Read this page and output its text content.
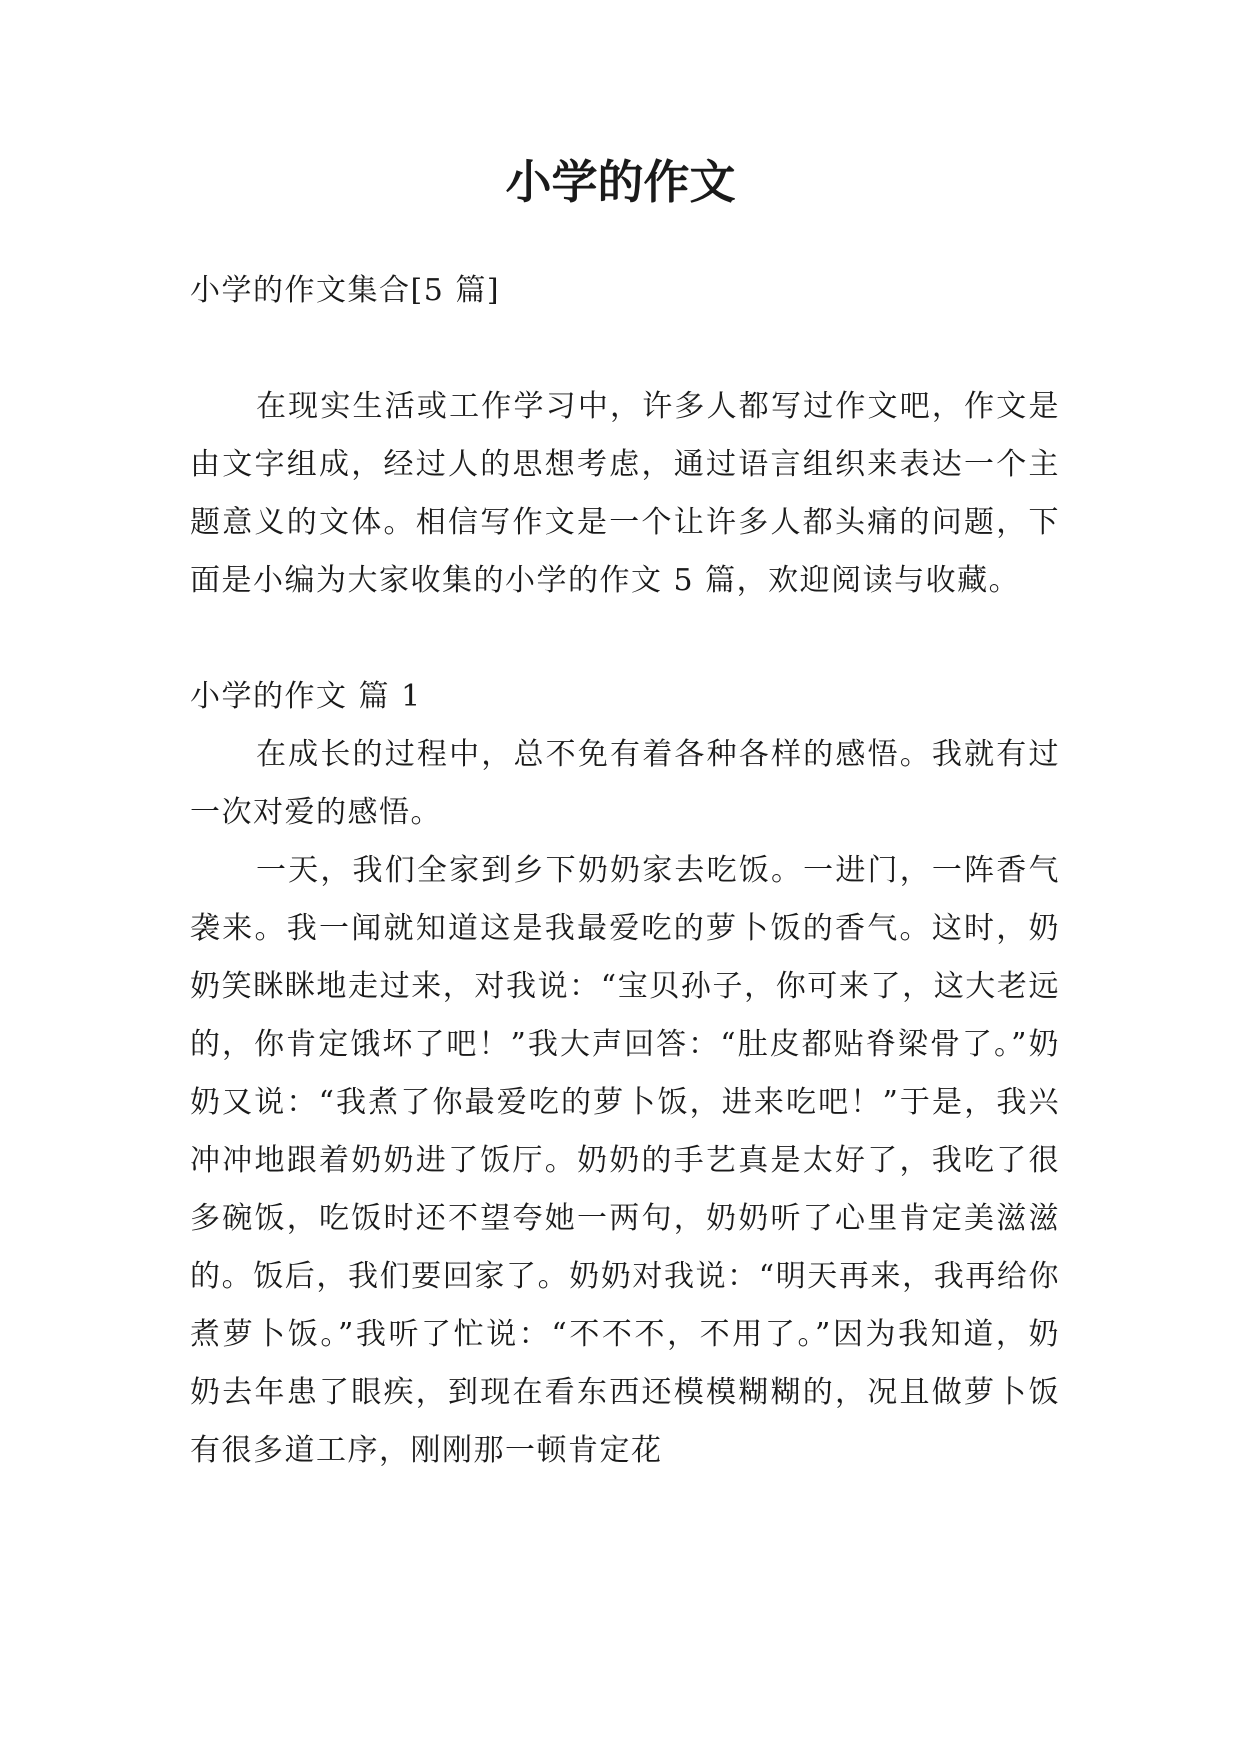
小学的作文

小学的作文集合[5 篇]

在现实生活或工作学习中，许多人都写过作文吧，作文是由文字组成，经过人的思想考虑，通过语言组织来表达一个主题意义的文体。相信写作文是一个让许多人都头痛的问题，下面是小编为大家收集的小学的作文 5 篇，欢迎阅读与收藏。

小学的作文 篇 1

在成长的过程中，总不免有着各种各样的感悟。我就有过一次对爱的感悟。

一天，我们全家到乡下奶奶家去吃饭。一进门，一阵香气袭来。我一闻就知道这是我最爱吃的萝卜饭的香气。这时，奶奶笑眯眯地走过来，对我说：“宝贝孙子，你可来了，这大老远的，你肯定饿坏了吧！”我大声回答：“肚皮都贴脊梁骨了。”奶奶又说：“我煮了你最爱吃的萝卜饭，进来吃吧！”于是，我兴冲冲地跟着奶奶进了饭厅。奶奶的手艺真是太好了，我吃了很多碗饭，吃饭时还不望夸她一两句，奶奶听了心里肯定美滋滋的。饭后，我们要回家了。奶奶对我说：“明天再来，我再给你煮萝卜饭。”我听了忙说：“不不不，不用了。”因为我知道，奶奶去年患了眼疾，到现在看东西还模模糊糊的，况且做萝卜饭有很多道工序，刚刚那一顿肯定花
